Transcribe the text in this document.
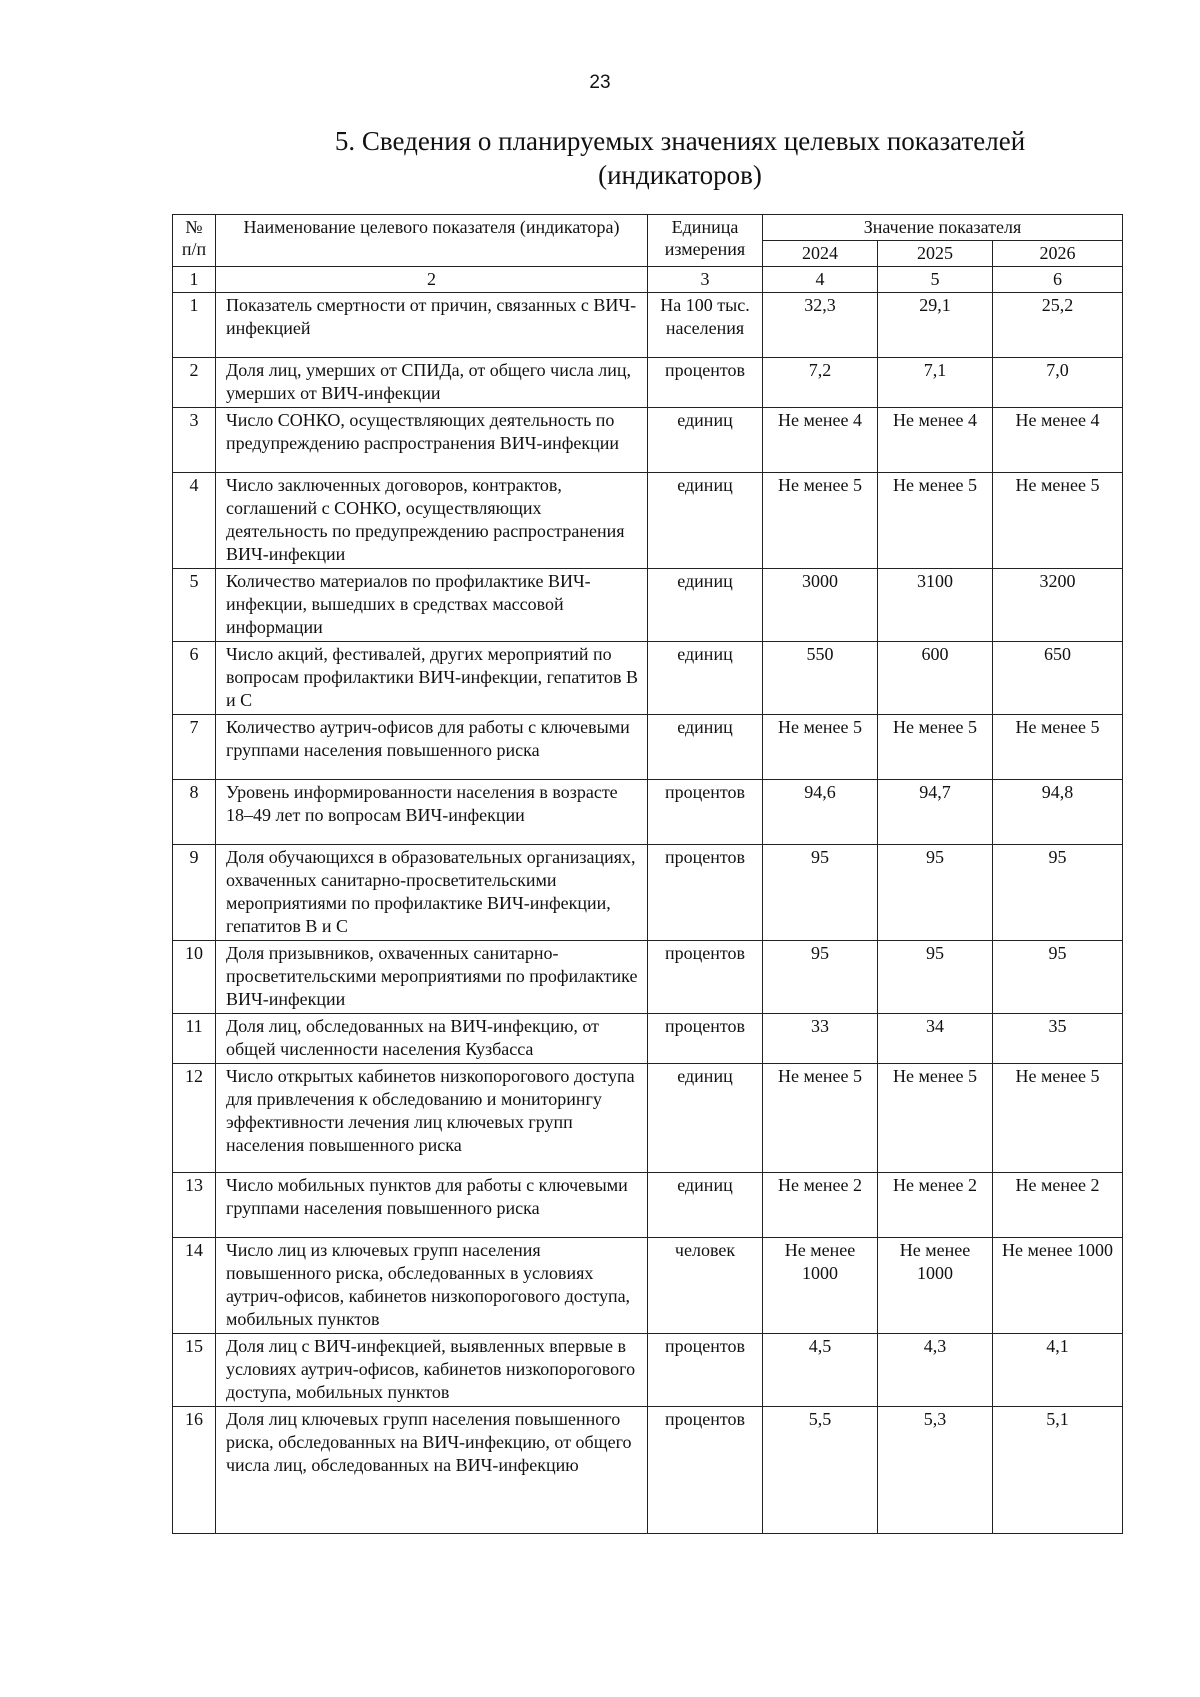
23
5. Сведения о планируемых значениях целевых показателей
(индикаторов)
№ п/п	Наименование целевого показателя (индикатора)	Единица измерения	Значение показателя		
			2024	2025	2026
1	2	3	4	5	6
1	Показатель смертности от причин, связанных с ВИЧ-инфекцией	На 100 тыс. населения	32,3	29,1	25,2
2	Доля лиц, умерших от СПИДа, от общего числа лиц, умерших от ВИЧ-инфекции	процентов	7,2	7,1	7,0
3	Число СОНКО, осуществляющих деятельность по предупреждению распространения ВИЧ-инфекции	единиц	Не менее 4	Не менее 4	Не менее 4
4	Число заключенных договоров, контрактов, соглашений с СОНКО, осуществляющих деятельность по предупреждению распространения ВИЧ-инфекции	единиц	Не менее 5	Не менее 5	Не менее 5
5	Количество материалов по профилактике ВИЧ-инфекции, вышедших в средствах массовой информации	единиц	3000	3100	3200
6	Число акций, фестивалей, других мероприятий по вопросам профилактики ВИЧ-инфекции, гепатитов В и С	единиц	550	600	650
7	Количество аутрич-офисов для работы с ключевыми группами населения повышенного риска	единиц	Не менее 5	Не менее 5	Не менее 5
8	Уровень информированности населения в возрасте 18–49 лет по вопросам ВИЧ-инфекции	процентов	94,6	94,7	94,8
9	Доля обучающихся в образовательных организациях, охваченных санитарно-просветительскими мероприятиями по профилактике ВИЧ-инфекции, гепатитов В и С	процентов	95	95	95
10	Доля призывников, охваченных санитарно-просветительскими мероприятиями по профилактике ВИЧ-инфекции	процентов	95	95	95
11	Доля лиц, обследованных на ВИЧ-инфекцию, от общей численности населения Кузбасса	процентов	33	34	35
12	Число открытых кабинетов низкопорогового доступа для привлечения к обследованию и мониторингу эффективности лечения лиц ключевых групп населения повышенного риска	единиц	Не менее 5	Не менее 5	Не менее 5
13	Число мобильных пунктов для работы с ключевыми группами населения повышенного риска	единиц	Не менее 2	Не менее 2	Не менее 2
14	Число лиц из ключевых групп населения повышенного риска, обследованных в условиях аутрич-офисов, кабинетов низкопорогового доступа, мобильных пунктов	человек	Не менее 1000	Не менее 1000	Не менее 1000
15	Доля лиц с ВИЧ-инфекцией, выявленных впервые в условиях аутрич-офисов, кабинетов низкопорогового доступа, мобильных пунктов	процентов	4,5	4,3	4,1
16	Доля лиц ключевых групп населения повышенного риска, обследованных на ВИЧ-инфекцию, от общего числа лиц, обследованных на ВИЧ-инфекцию	процентов	5,5	5,3	5,1
